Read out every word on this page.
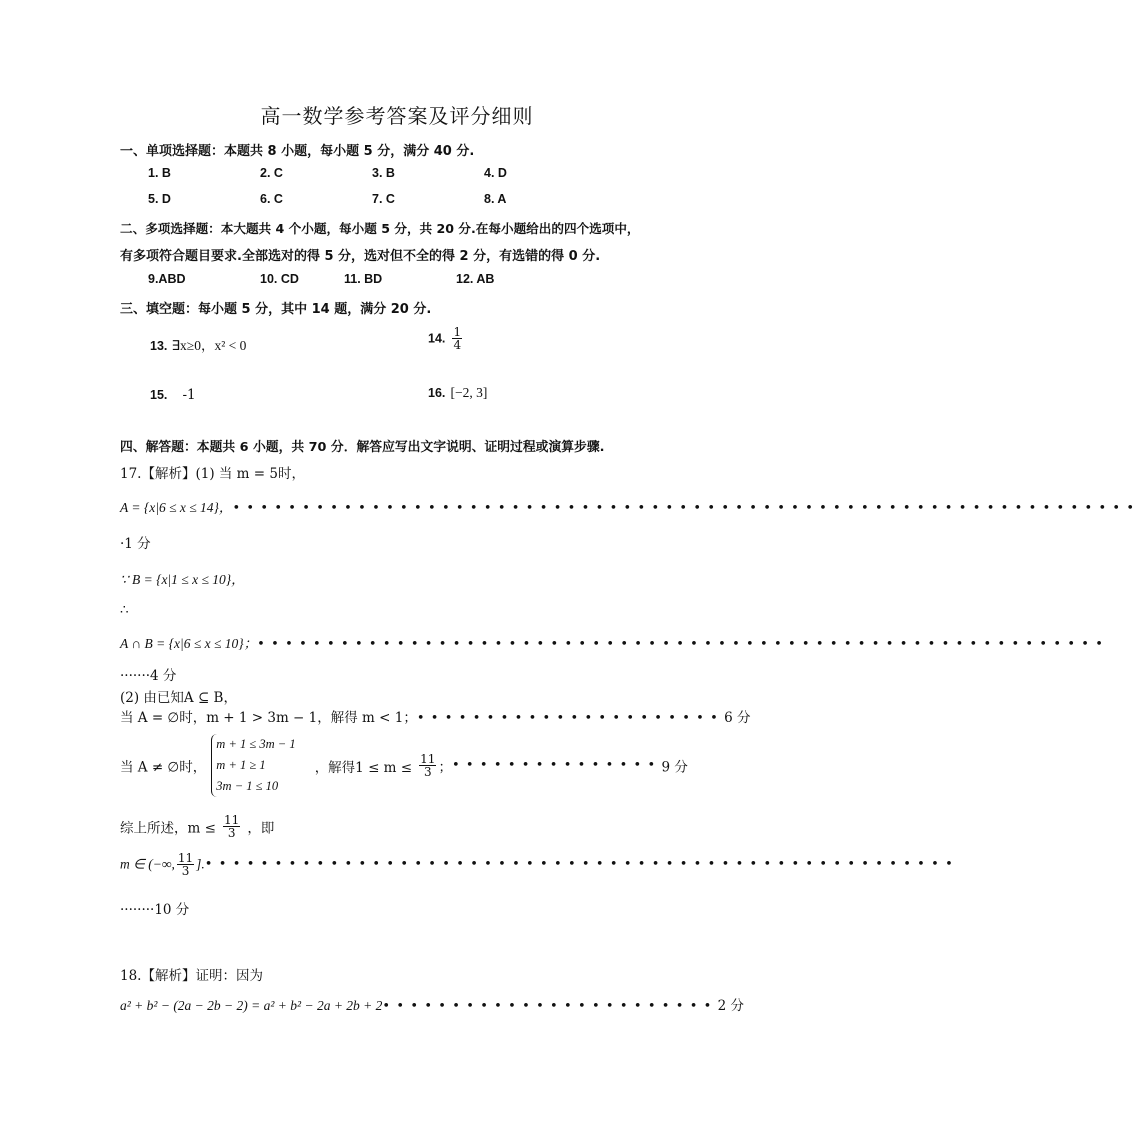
高一数学参考答案及评分细则
一、单项选择题：本题共 8 小题，每小题 5 分，满分 40 分.
1. B	2. C	3. B	4. D
5. D	6. C	7. C	8. A
二、多项选择题：本大题共 4 个小题，每小题 5 分，共 20 分.在每小题给出的四个选项中，
有多项符合题目要求.全部选对的得 5 分，选对但不全的得 2 分，有选错的得 0 分.
9.ABD	10. CD	11. BD	12. AB
三、填空题：每小题 5 分，其中 14 题，满分 20 分.
13. ∃x≥0，x² < 0	14. $\frac{1}{4}$
15. -1	16. [−2, 3]
四、解答题：本题共 6 小题，共 70 分．解答应写出文字说明、证明过程或演算步骤.
17.【解析】(1) 当 m = 5时，
A = {x|6 ≤ x ≤ 14}，•••••••••••••••••••••••••••••••••••••••••••••••••••••••••••••••••
·1 分
∵ B = {x|1 ≤ x ≤ 10}，
∴
A ∩ B = {x|6 ≤ x ≤ 10}；•••••••••••••••••••••••••••••••••••••••••••••••••••••••••••••
·······4 分
(2) 由已知A ⊆ B，
当 A = ∅时，m + 1 > 3m − 1，解得 m < 1；••••••••••••••••••••••6 分
当 A ≠ ∅时，
m + 1 ≤ 3m − 1
m + 1 ≥ 1
3m − 1 ≤ 10
，解得$1 \le m \le \frac{11}{3}$ ；•••••••••••••••9 分
综上所述，$m \le \frac{11}{3}$ ，即
m ∈ (−∞, $\frac{11}{3}$ ].••••••••••••••••••••••••••••••••••••••••••••••••••••••
········10 分
18.【解析】证明：因为
a² + b² − (2a − 2b − 2) = a² + b² − 2a + 2b + 2••••••••••••••••••••••••2 分
